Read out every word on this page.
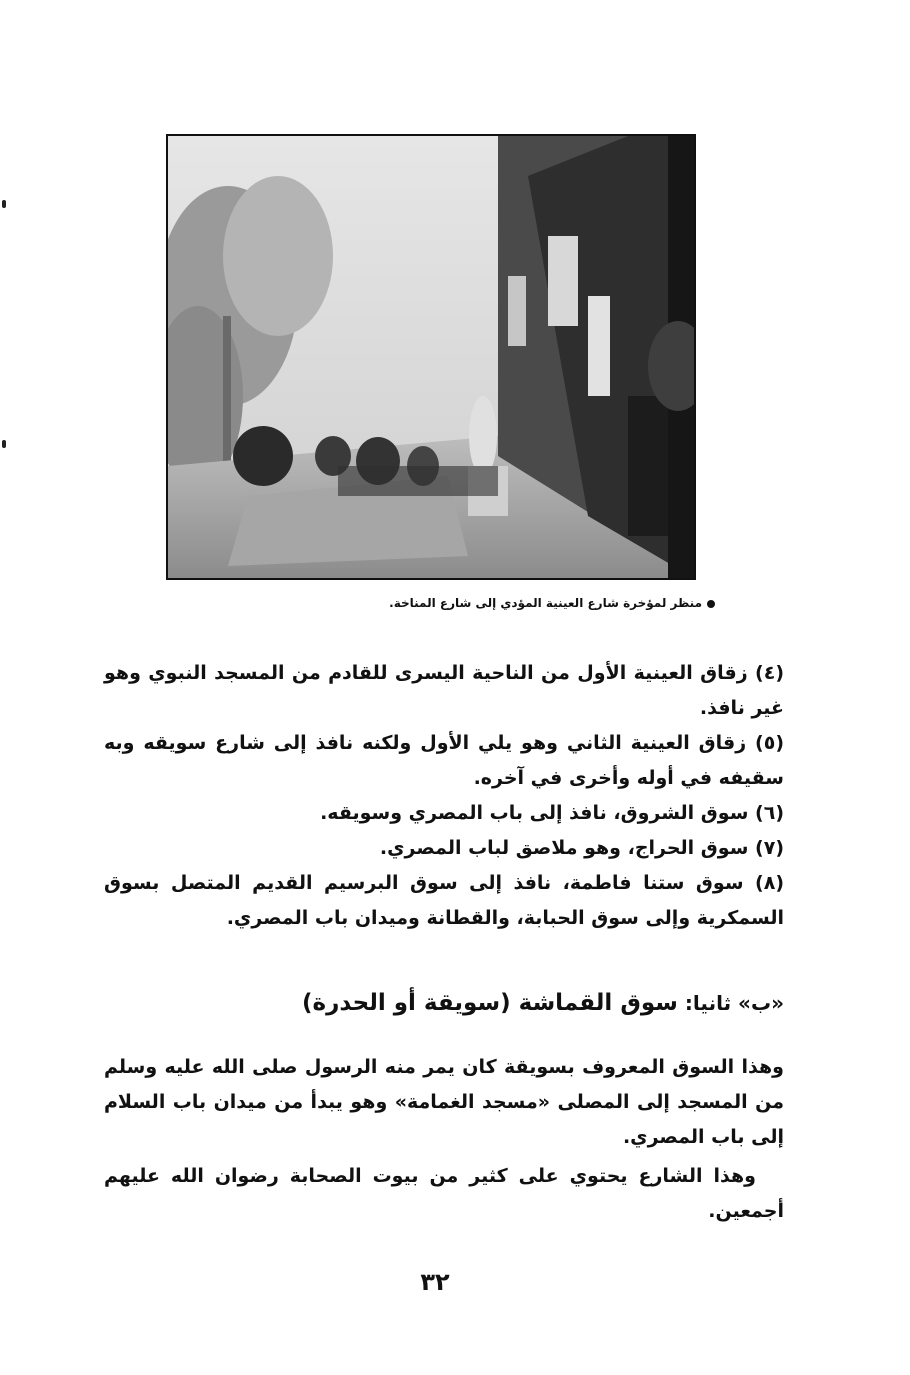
منظر لمؤخرة شارع العينية المؤدي إلى شارع المناخة.

(٤) زقاق العينية الأول من الناحية اليسرى للقادم من المسجد النبوي وهو غير نافذ.

(٥) زقاق العينية الثاني وهو يلي الأول ولكنه نافذ إلى شارع سويقه وبه سقيفه في أوله وأخرى في آخره.

(٦) سوق الشروق، نافذ إلى باب المصري وسويقه.

(٧) سوق الحراج، وهو ملاصق لباب المصري.

(٨) سوق ستنا فاطمة، نافذ إلى سوق البرسيم القديم المتصل بسوق السمكرية وإلى سوق الحبابة، والقطانة وميدان باب المصري.

«ب» ثانيا: سوق القماشة (سويقة أو الحدرة)

وهذا السوق المعروف بسويقة كان يمر منه الرسول صلى الله عليه وسلم من المسجد إلى المصلى «مسجد الغمامة» وهو يبدأ من ميدان باب السلام إلى باب المصري.

وهذا الشارع يحتوي على كثير من بيوت الصحابة رضوان الله عليهم أجمعين.

٣٢
